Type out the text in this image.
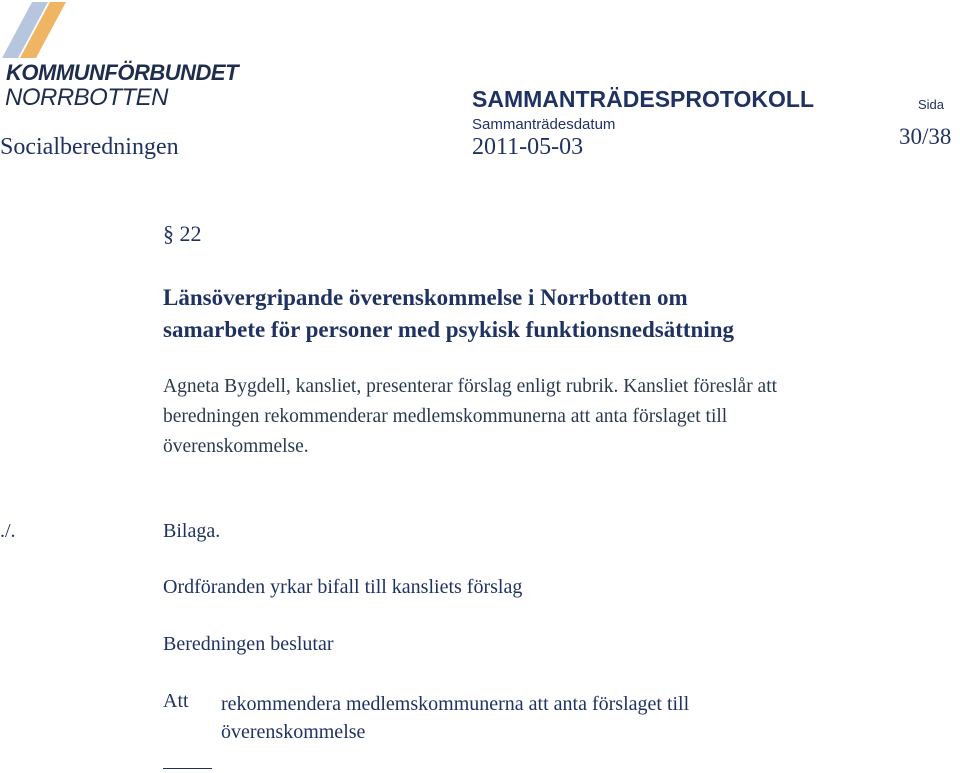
KOMMUNFÖRBUNDET
NORRBOTTEN	SAMMANTRÄDESPROTOKOLL	Sida
Sammanträdesdatum
Socialberedningen	2011-05-03	30/38
§ 22
Länsövergripande överenskommelse i Norrbotten om
samarbete för personer med psykisk funktionsnedsättning
Agneta Bygdell, kansliet, presenterar förslag enligt rubrik. Kansliet föreslår att
beredningen rekommenderar medlemskommunerna att anta förslaget till
överenskommelse.
./.	Bilaga.
Ordföranden yrkar bifall till kansliets förslag
Beredningen beslutar
Att rekommendera medlemskommunerna att anta förslaget till
överenskommelse
